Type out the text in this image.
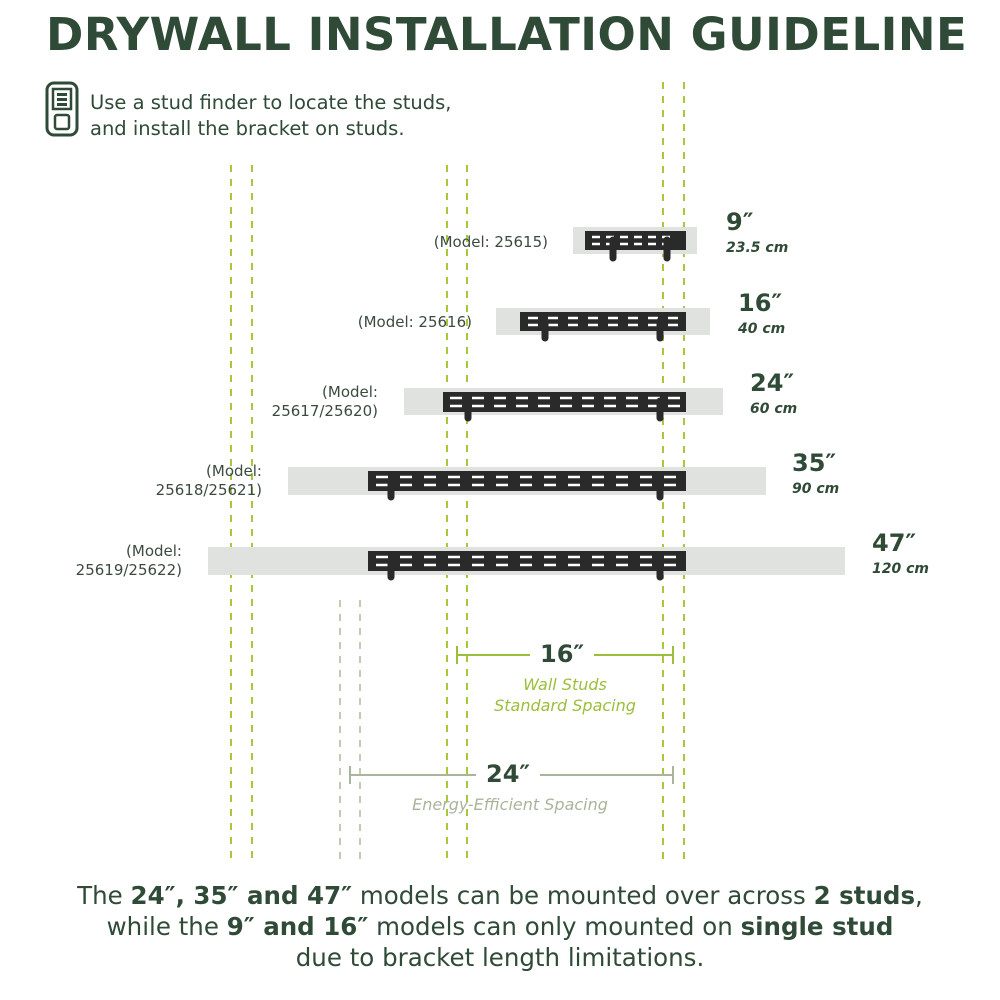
DRYWALL INSTALLATION GUIDELINE
Use a stud finder to locate the studs,
and install the bracket on studs.
(Model: 25615)
(Model: 25616)
(Model:
25617/25620)
(Model:
25618/25621)
(Model:
25619/25622)
9″
23.5 cm
16″
40 cm
24″
60 cm
35″
90 cm
47″
120 cm
16″
Wall Studs
Standard Spacing
24″
Energy-Efficient Spacing
The 24″, 35″ and 47″ models can be mounted over across 2 studs,
while the 9″ and 16″ models can only mounted on single stud
due to bracket length limitations.
